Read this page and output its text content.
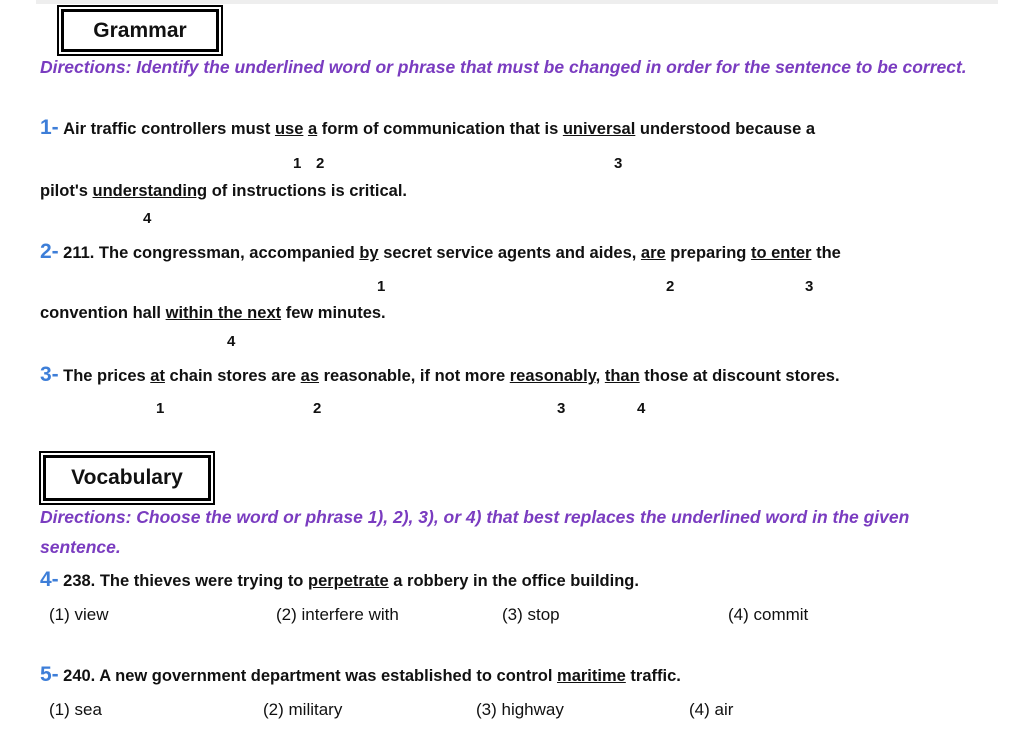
Grammar
Directions: Identify the underlined word or phrase that must be changed in order for the sentence to be correct.
1- Air traffic controllers must use a form of communication that is universal understood because a
1 2	3
pilot's understanding of instructions is critical.
4
2- 211. The congressman, accompanied by secret service agents and aides, are preparing to enter the
1	2	3
convention hall within the next few minutes.
4
3- The prices at chain stores are as reasonable, if not more reasonably, than those at discount stores.
1	2	3	4
Vocabulary
Directions: Choose the word or phrase 1), 2), 3), or 4) that best replaces the underlined word in the given sentence.
4- 238. The thieves were trying to perpetrate a robbery in the office building.
(1) view	(2) interfere with	(3) stop	(4) commit
5- 240. A new government department was established to control maritime traffic.
(1) sea	(2) military	(3) highway	(4) air
